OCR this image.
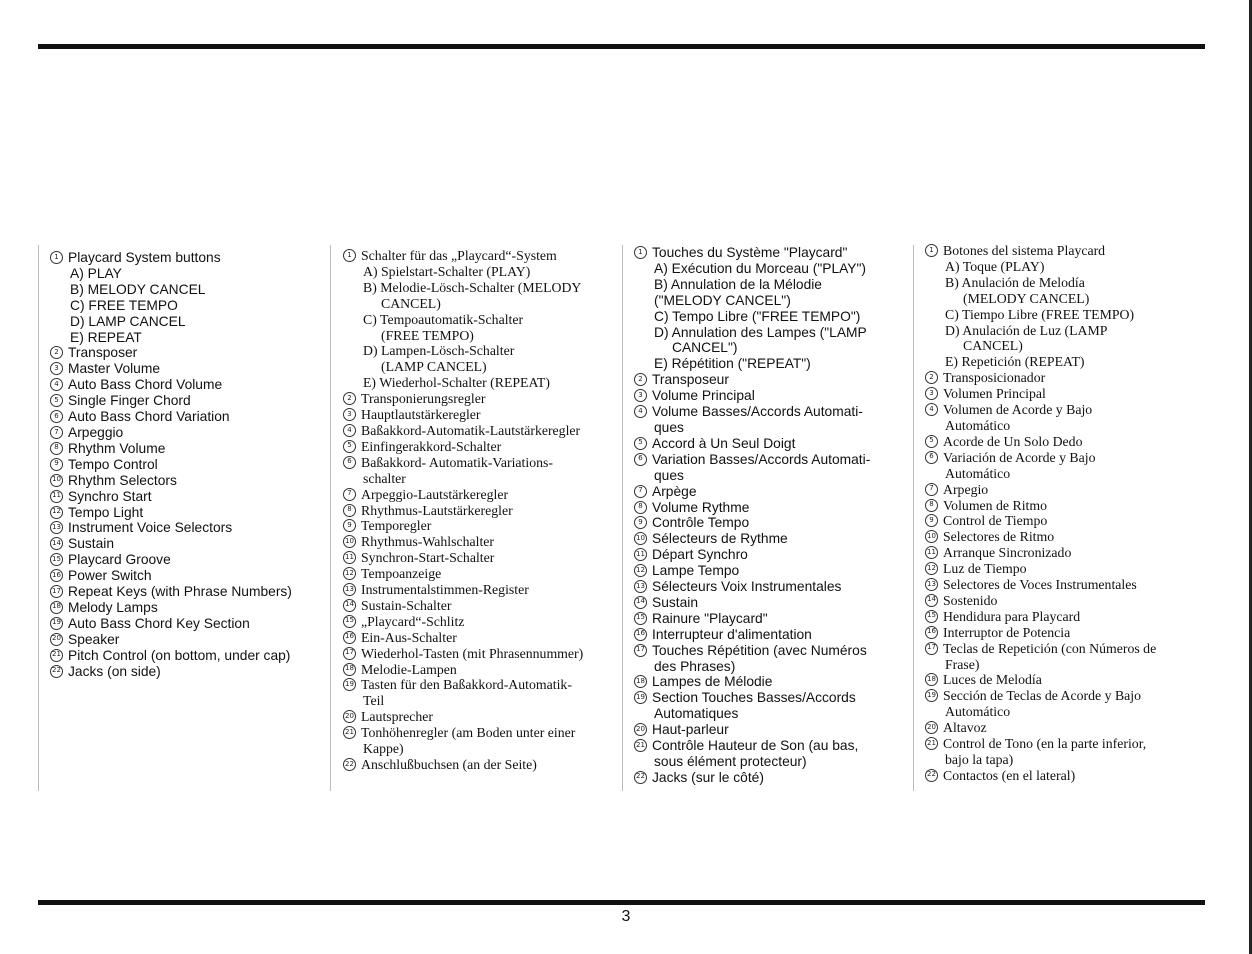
1 Playcard System buttons
A) PLAY
B) MELODY CANCEL
C) FREE TEMPO
D) LAMP CANCEL
E) REPEAT
2 Transposer
3 Master Volume
4 Auto Bass Chord Volume
5 Single Finger Chord
6 Auto Bass Chord Variation
7 Arpeggio
8 Rhythm Volume
9 Tempo Control
10 Rhythm Selectors
11 Synchro Start
12 Tempo Light
13 Instrument Voice Selectors
14 Sustain
15 Playcard Groove
16 Power Switch
17 Repeat Keys (with Phrase Numbers)
18 Melody Lamps
19 Auto Bass Chord Key Section
20 Speaker
21 Pitch Control (on bottom, under cap)
22 Jacks (on side)
1 Schalter für das „Playcard“-System
A) Spielstart-Schalter (PLAY)
B) Melodie-Lösch-Schalter (MELODY
CANCEL)
C) Tempoautomatik-Schalter
(FREE TEMPO)
D) Lampen-Lösch-Schalter
(LAMP CANCEL)
E) Wiederhol-Schalter (REPEAT)
2 Transponierungsregler
3 Hauptlautstärkeregler
4 Baßakkord-Automatik-Lautstärkeregler
5 Einfingerakkord-Schalter
6 Baßakkord- Automatik-Variations-
schalter
7 Arpeggio-Lautstärkeregler
8 Rhythmus-Lautstärkeregler
9 Temporegler
10 Rhythmus-Wahlschalter
11 Synchron-Start-Schalter
12 Tempoanzeige
13 Instrumentalstimmen-Register
14 Sustain-Schalter
15 „Playcard“-Schlitz
16 Ein-Aus-Schalter
17 Wiederhol-Tasten (mit Phrasennummer)
18 Melodie-Lampen
19 Tasten für den Baßakkord-Automatik-
Teil
20 Lautsprecher
21 Tonhöhenregler (am Boden unter einer
Kappe)
22 Anschlußbuchsen (an der Seite)
1 Touches du Système "Playcard"
A) Exécution du Morceau ("PLAY")
B) Annulation de la Mélodie
("MELODY CANCEL")
C) Tempo Libre ("FREE TEMPO")
D) Annulation des Lampes ("LAMP
CANCEL")
E) Répétition ("REPEAT")
2 Transposeur
3 Volume Principal
4 Volume Basses/Accords Automati-
ques
5 Accord à Un Seul Doigt
6 Variation Basses/Accords Automati-
ques
7 Arpège
8 Volume Rythme
9 Contrôle Tempo
10 Sélecteurs de Rythme
11 Départ Synchro
12 Lampe Tempo
13 Sélecteurs Voix Instrumentales
14 Sustain
15 Rainure "Playcard"
16 Interrupteur d'alimentation
17 Touches Répétition (avec Numéros
des Phrases)
18 Lampes de Mélodie
19 Section Touches Basses/Accords
Automatiques
20 Haut-parleur
21 Contrôle Hauteur de Son (au bas,
sous élément protecteur)
22 Jacks (sur le côté)
1 Botones del sistema Playcard
A) Toque (PLAY)
B) Anulación de Melodía
(MELODY CANCEL)
C) Tiempo Libre (FREE TEMPO)
D) Anulación de Luz (LAMP
CANCEL)
E) Repetición (REPEAT)
2 Transposicionador
3 Volumen Principal
4 Volumen de Acorde y Bajo
Automático
5 Acorde de Un Solo Dedo
6 Variación de Acorde y Bajo
Automático
7 Arpegio
8 Volumen de Ritmo
9 Control de Tiempo
10 Selectores de Ritmo
11 Arranque Sincronizado
12 Luz de Tiempo
13 Selectores de Voces Instrumentales
14 Sostenido
15 Hendidura para Playcard
16 Interruptor de Potencia
17 Teclas de Repetición (con Números de
Frase)
18 Luces de Melodía
19 Sección de Teclas de Acorde y Bajo
Automático
20 Altavoz
21 Control de Tono (en la parte inferior,
bajo la tapa)
22 Contactos (en el lateral)
3
